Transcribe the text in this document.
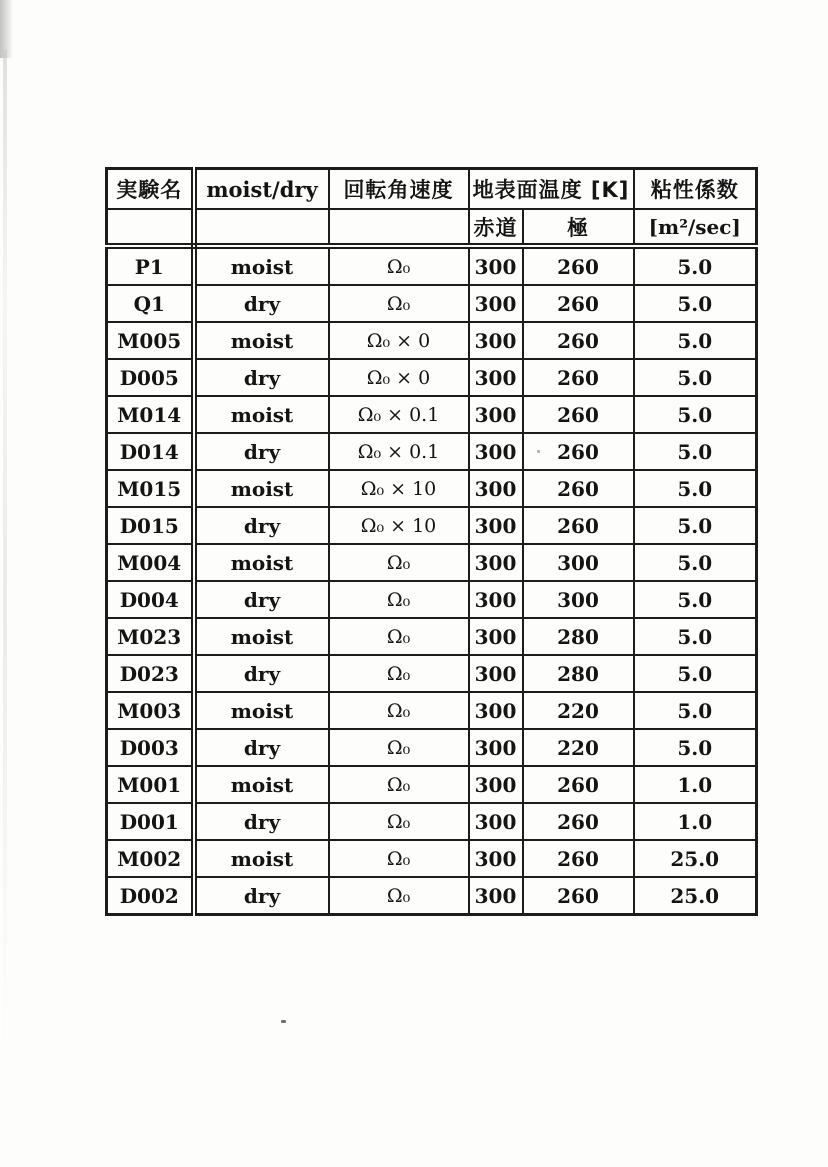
実験名	moist/dry	回転角速度	地表面温度 [K]		粘性係数
			赤道	極	[m²/sec]
P1	moist	Ω₀	300	260	5.0
Q1	dry	Ω₀	300	260	5.0
M005	moist	Ω₀ × 0	300	260	5.0
D005	dry	Ω₀ × 0	300	260	5.0
M014	moist	Ω₀ × 0.1	300	260	5.0
D014	dry	Ω₀ × 0.1	300	260	5.0
M015	moist	Ω₀ × 10	300	260	5.0
D015	dry	Ω₀ × 10	300	260	5.0
M004	moist	Ω₀	300	300	5.0
D004	dry	Ω₀	300	300	5.0
M023	moist	Ω₀	300	280	5.0
D023	dry	Ω₀	300	280	5.0
M003	moist	Ω₀	300	220	5.0
D003	dry	Ω₀	300	220	5.0
M001	moist	Ω₀	300	260	1.0
D001	dry	Ω₀	300	260	1.0
M002	moist	Ω₀	300	260	25.0
D002	dry	Ω₀	300	260	25.0
